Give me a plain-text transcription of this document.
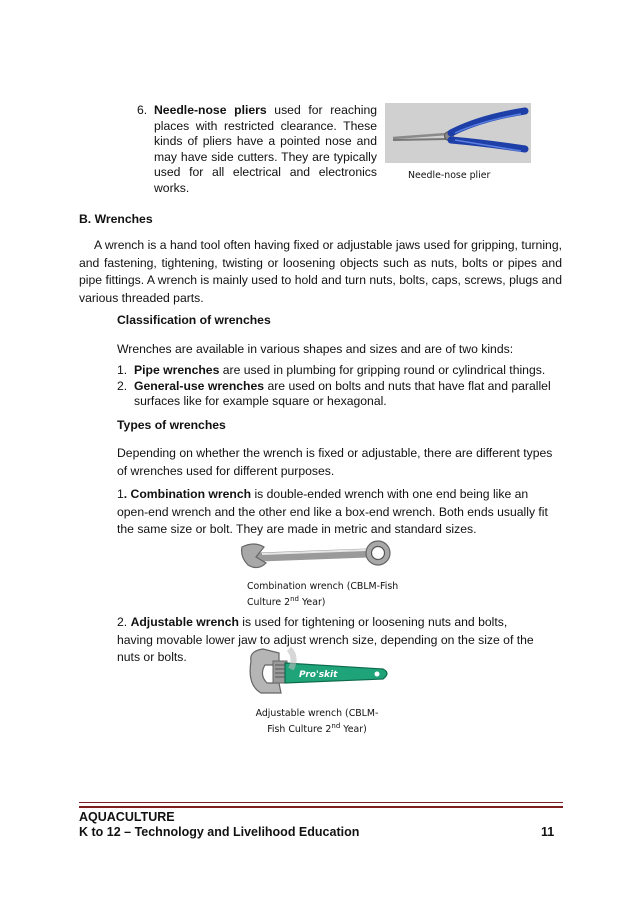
6. Needle-nose pliers used for reaching places with restricted clearance. These kinds of pliers have a pointed nose and may have side cutters. They are typically used for all electrical and electronics works.

Needle-nose plier
B. Wrenches
A wrench is a hand tool often having fixed or adjustable jaws used for gripping, turning, and fastening, tightening, twisting or loosening objects such as nuts, bolts or pipes and pipe fittings. A wrench is mainly used to hold and turn nuts, bolts, caps, screws, plugs and various threaded parts.
Classification of wrenches
Wrenches are available in various shapes and sizes and are of two kinds:
1. Pipe wrenches are used in plumbing for gripping round or cylindrical things.
2. General-use wrenches are used on bolts and nuts that have flat and parallel surfaces like for example square or hexagonal.
Types of wrenches
Depending on whether the wrench is fixed or adjustable, there are different types of wrenches used for different purposes.
1. Combination wrench is double-ended wrench with one end being like an open-end wrench and the other end like a box-end wrench. Both ends usually fit the same size or bolt. They are made in metric and standard sizes.
Combination wrench (CBLM-Fish
Culture 2nd Year)
2. Adjustable wrench is used for tightening or loosening nuts and bolts, having movable lower jaw to adjust wrench size, depending on the size of the nuts or bolts.
Pro'skit
Adjustable wrench (CBLM-
Fish Culture 2nd Year)
AQUACULTURE
K to 12 – Technology and Livelihood Education	11
